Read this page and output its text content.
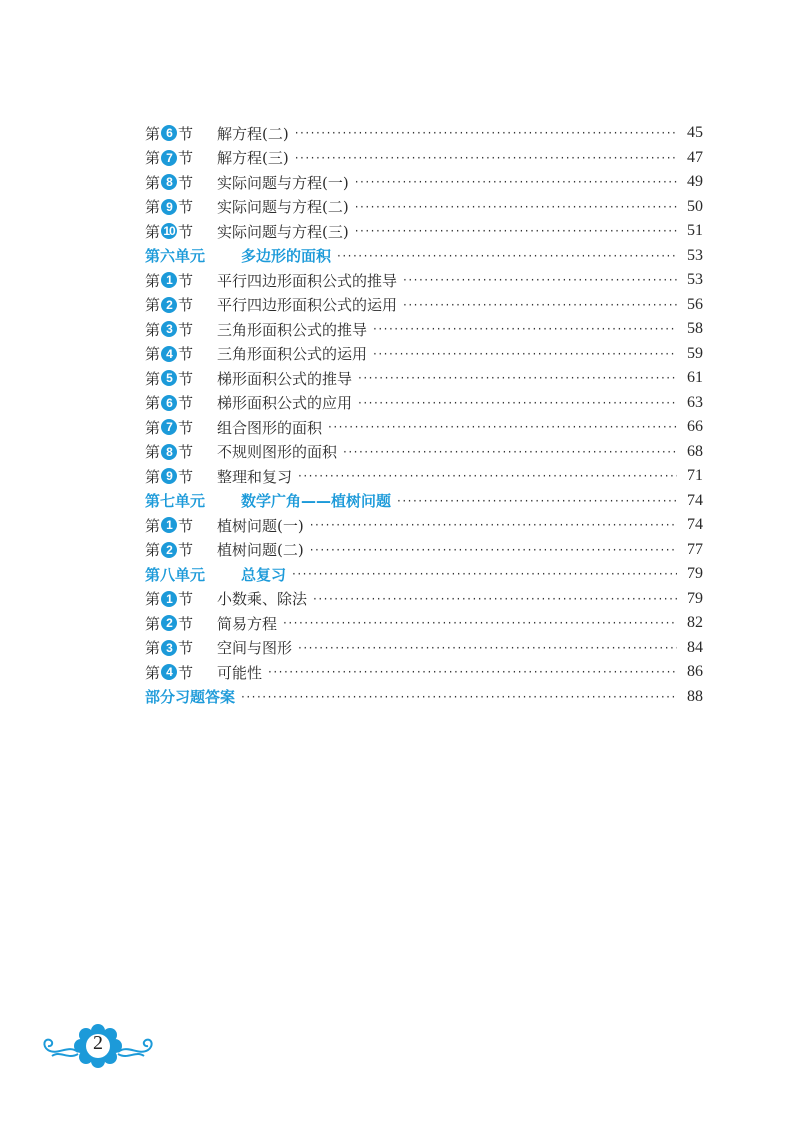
第 6 节 解方程(二) ·····	45
第 7 节 解方程(三) ·····	47
第 8 节 实际问题与方程(一) ·····	49
第 9 节 实际问题与方程(二) ·····	50
第 10 节 实际问题与方程(三) ·····	51
第六单元	多边形的面积 ·····	53
第 1 节 平行四边形面积公式的推导 ·····	53
第 2 节 平行四边形面积公式的运用 ·····	56
第 3 节 三角形面积公式的推导 ·····	58
第 4 节 三角形面积公式的运用 ·····	59
第 5 节 梯形面积公式的推导 ·····	61
第 6 节 梯形面积公式的应用 ·····	63
第 7 节 组合图形的面积 ·····	66
第 8 节 不规则图形的面积 ·····	68
第 9 节 整理和复习 ·····	71
第七单元	数学广角——植树问题 ·····	74
第 1 节 植树问题(一) ·····	74
第 2 节 植树问题(二) ·····	77
第八单元	总复习 ·····	79
第 1 节 小数乘、除法 ·····	79
第 2 节 简易方程 ·····	82
第 3 节 空间与图形 ·····	84
第 4 节 可能性 ·····	86
部分习题答案 ·····	88
2
